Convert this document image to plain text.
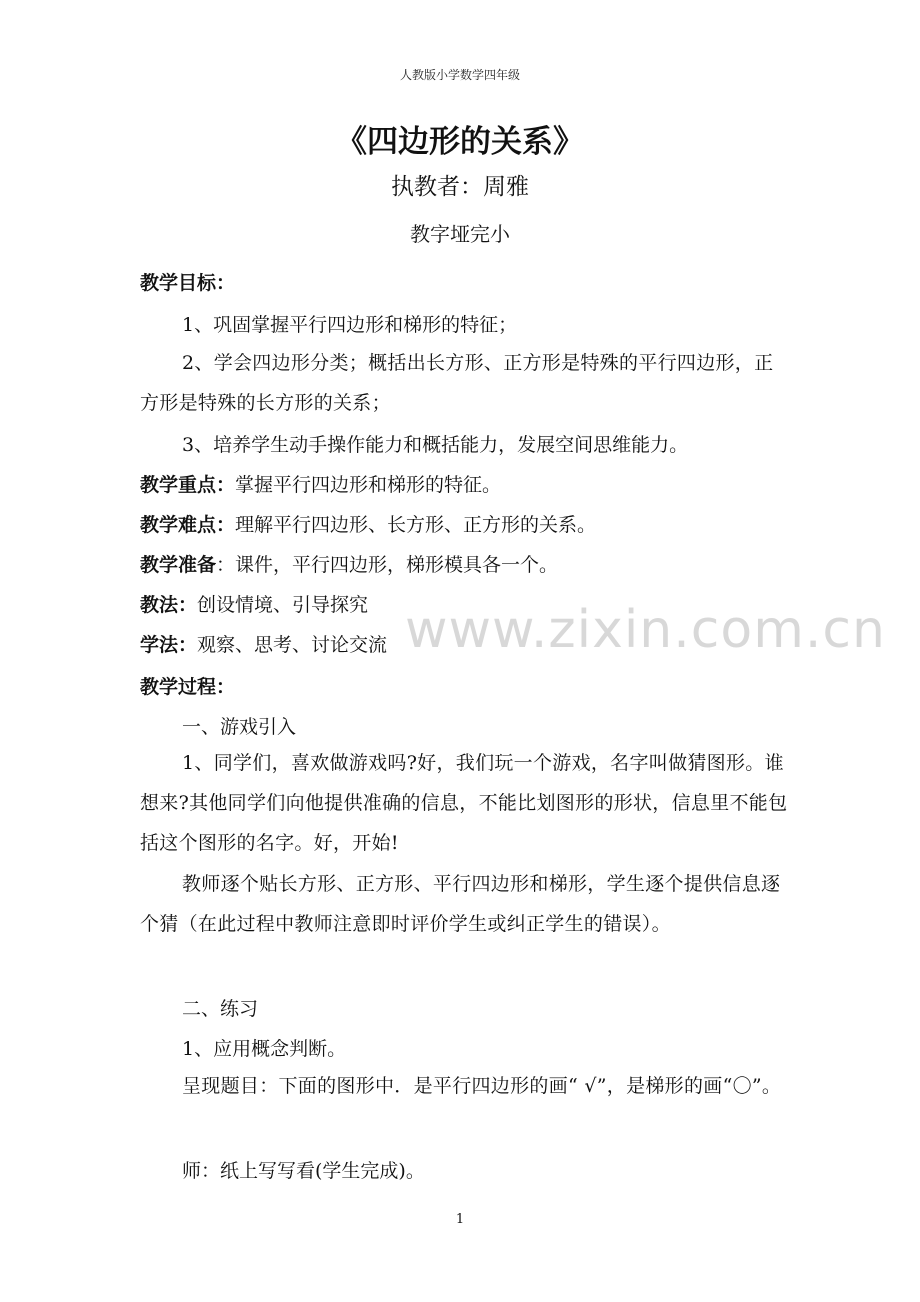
人教版小学数学四年级
《四边形的关系》
执教者：周雅
教字垭完小
教学目标：
1、巩固掌握平行四边形和梯形的特征；
2、学会四边形分类；概括出长方形、正方形是特殊的平行四边形，正方形是特殊的长方形的关系；
3、培养学生动手操作能力和概括能力，发展空间思维能力。
教学重点：掌握平行四边形和梯形的特征。
教学难点：理解平行四边形、长方形、正方形的关系。
教学准备：课件，平行四边形，梯形模具各一个。
教法：创设情境、引导探究
学法：观察、思考、讨论交流
教学过程：
一、游戏引入
1、同学们，喜欢做游戏吗?好，我们玩一个游戏，名字叫做猜图形。谁想来?其他同学们向他提供准确的信息，不能比划图形的形状，信息里不能包括这个图形的名字。好，开始!
教师逐个贴长方形、正方形、平行四边形和梯形，学生逐个提供信息逐个猜（在此过程中教师注意即时评价学生或纠正学生的错误）。
二、练习
1、应用概念判断。
呈现题目：下面的图形中．是平行四边形的画“ √”，是梯形的画“〇”。
师：纸上写写看(学生完成)。
www.zixin.com.cn
1
